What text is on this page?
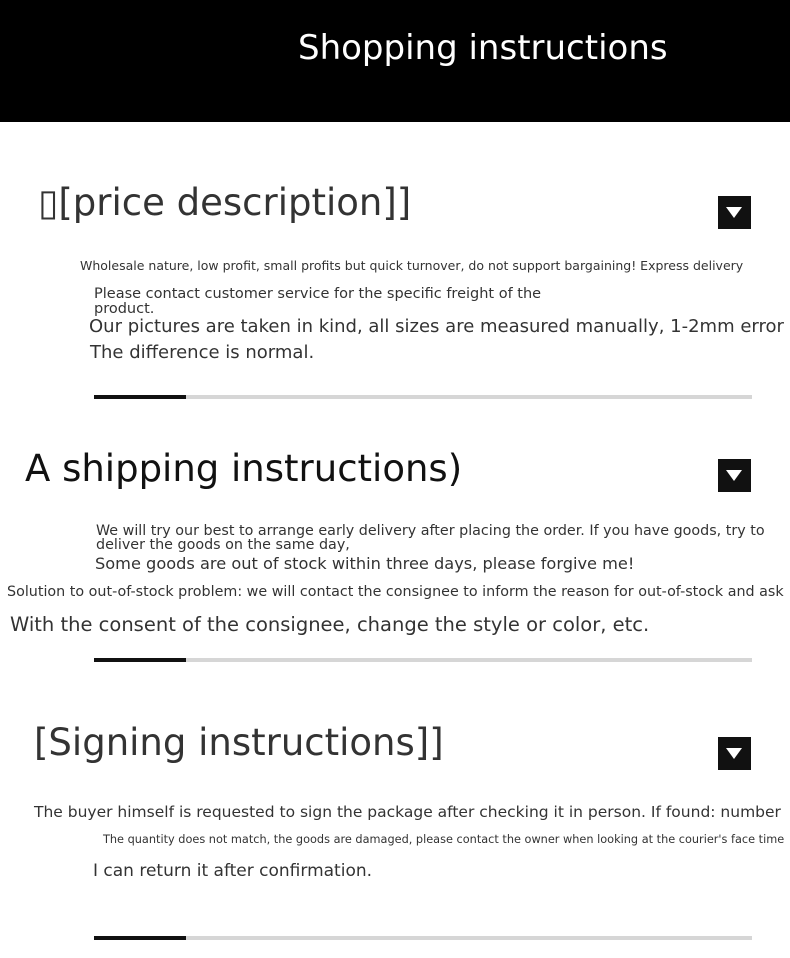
Shopping instructions
▯[price description]]
Wholesale nature, low profit, small profits but quick turnover, do not support bargaining! Express delivery
Please contact customer service for the specific freight of the
product.
Our pictures are taken in kind, all sizes are measured manually, 1-2mm error
The difference is normal.
A shipping instructions)
We will try our best to arrange early delivery after placing the order. If you have goods, try to
deliver the goods on the same day,
Some goods are out of stock within three days, please forgive me!
Solution to out-of-stock problem: we will contact the consignee to inform the reason for out-of-stock and ask
With the consent of the consignee, change the style or color, etc.
[Signing instructions]]
The buyer himself is requested to sign the package after checking it in person. If found: number
The quantity does not match, the goods are damaged, please contact the owner when looking at the courier's face time
I can return it after confirmation.
